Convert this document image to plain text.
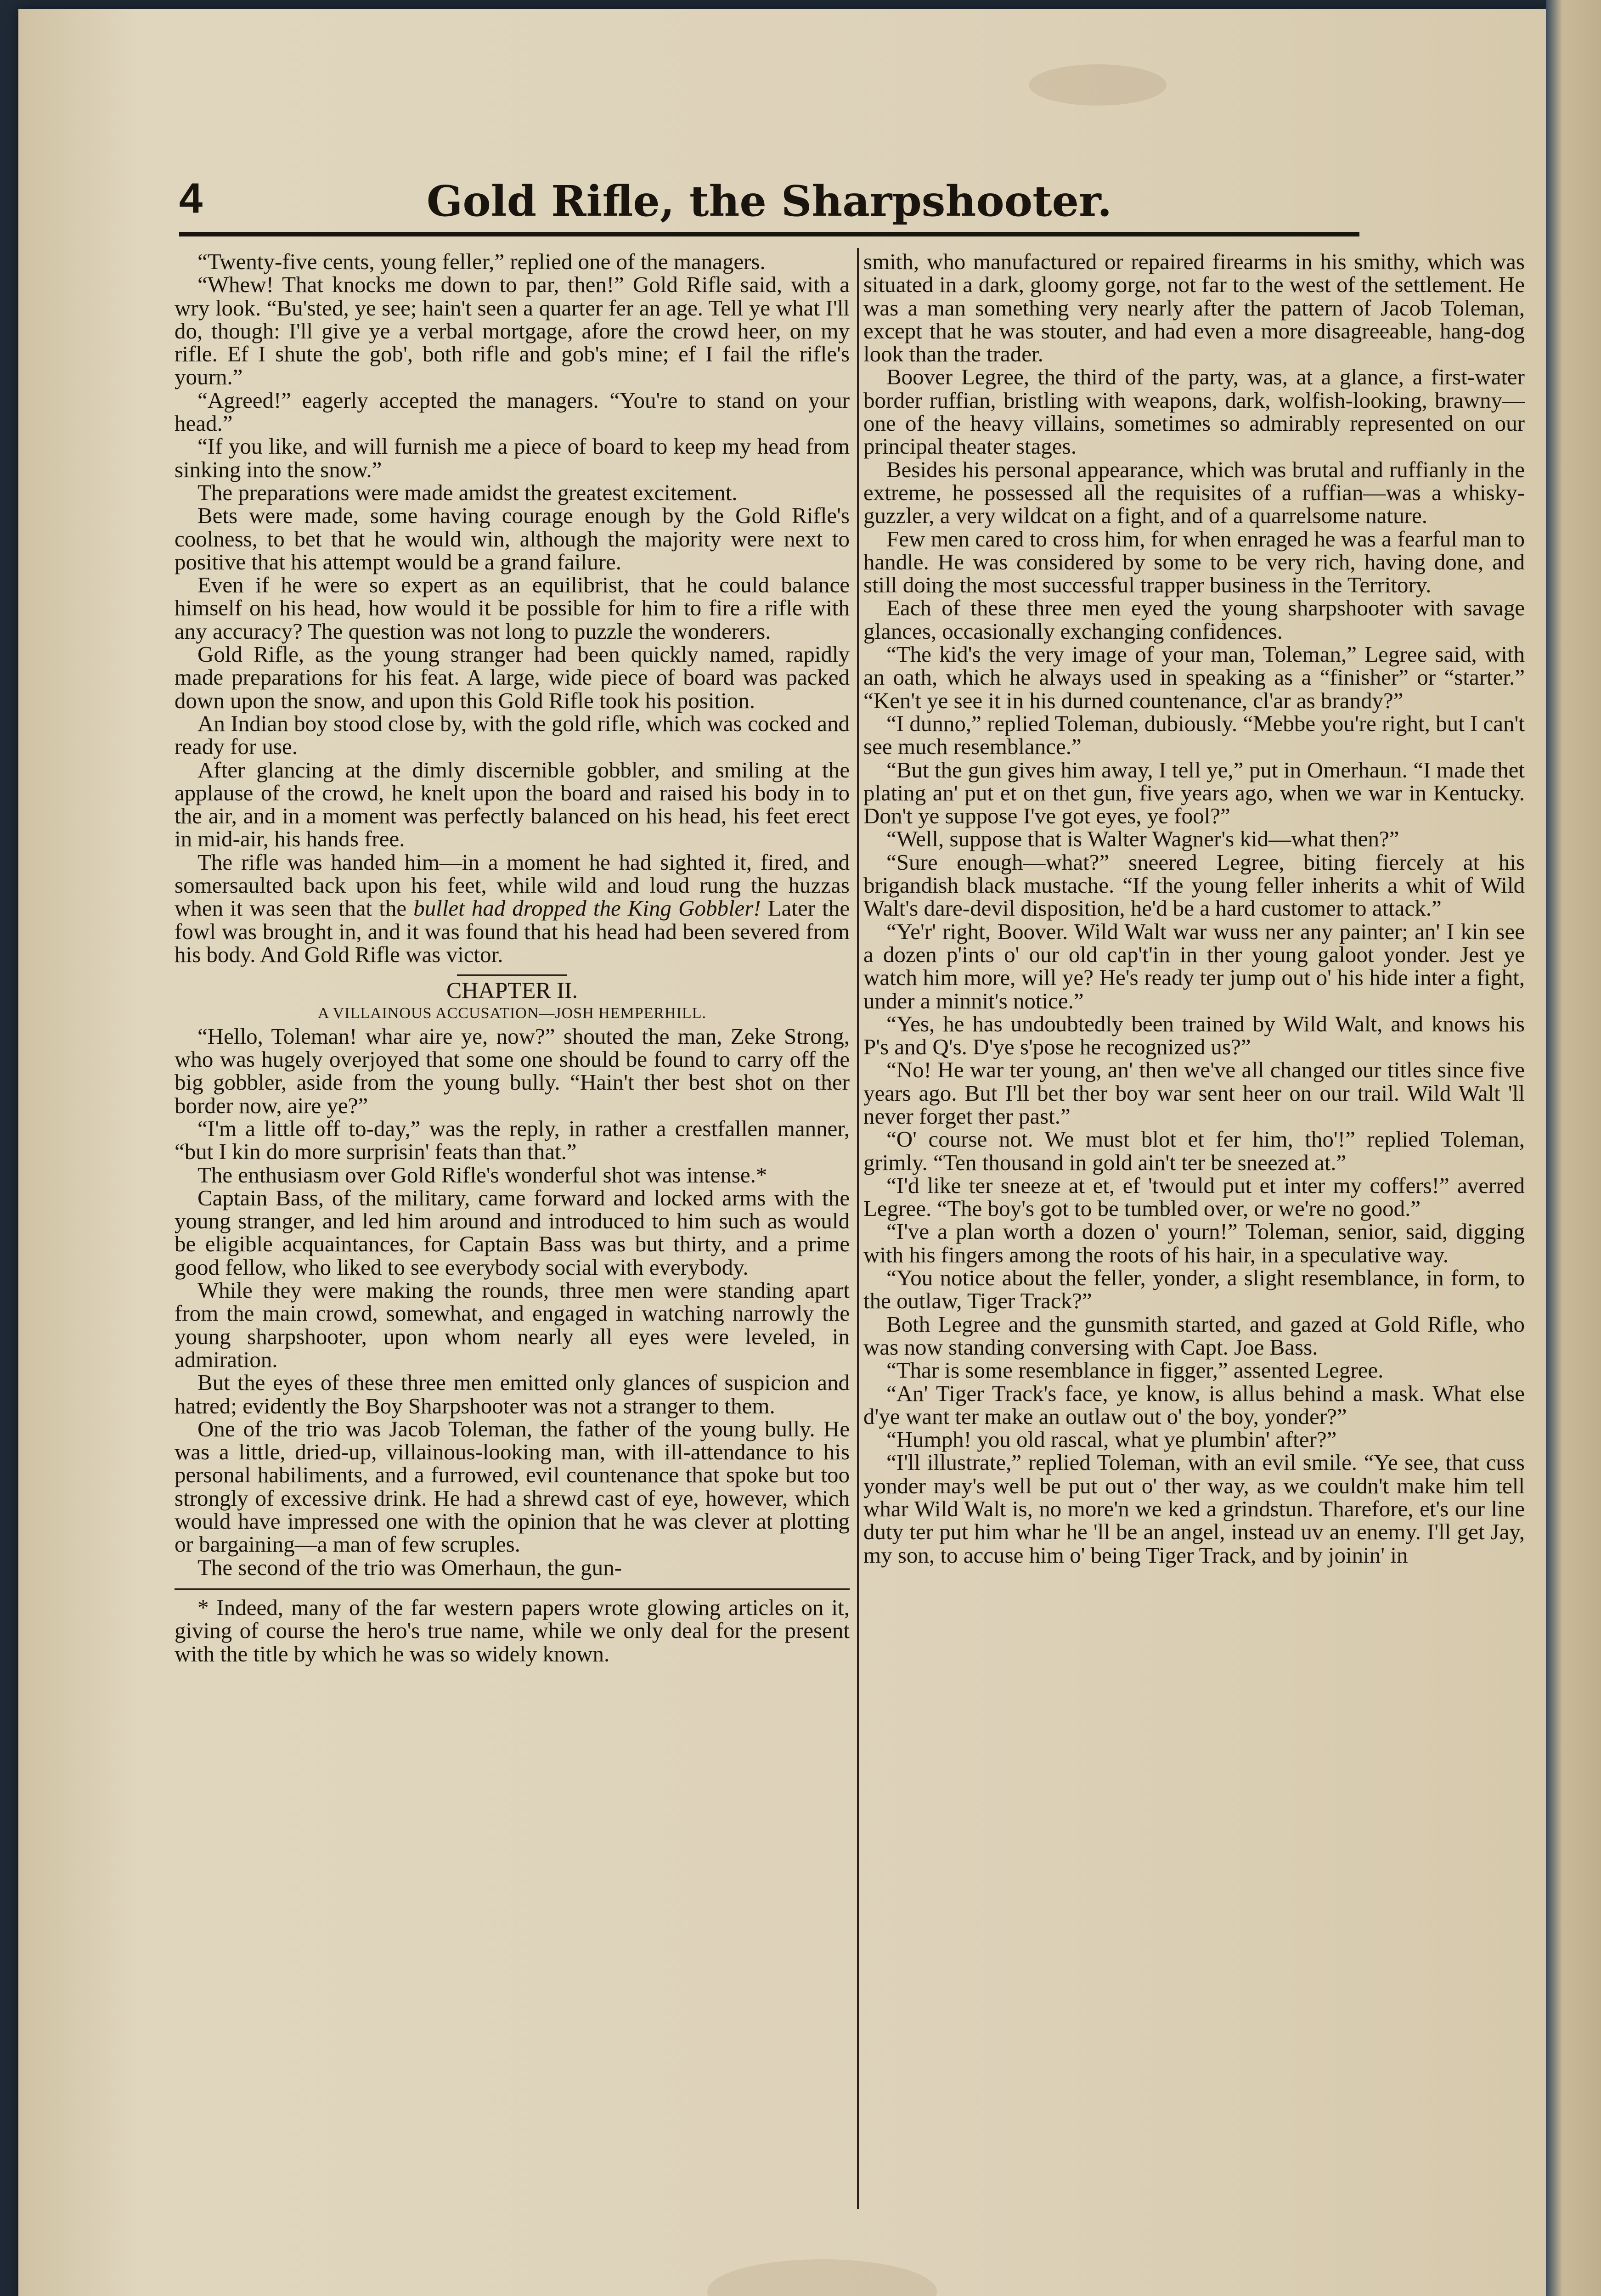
4	Gold Rifle, the Sharpshooter.

“Twenty-five cents, young feller,” replied one of the managers.

“Whew! That knocks me down to par, then!” Gold Rifle said, with a wry look. “Bu'sted, ye see; hain't seen a quarter fer an age. Tell ye what I'll do, though: I'll give ye a verbal mortgage, afore the crowd heer, on my rifle. Ef I shute the gob', both rifle and gob's mine; ef I fail the rifle's yourn.”

“Agreed!” eagerly accepted the managers. “You're to stand on your head.”

“If you like, and will furnish me a piece of board to keep my head from sinking into the snow.”

The preparations were made amidst the greatest excitement.

Bets were made, some having courage enough by the Gold Rifle's coolness, to bet that he would win, although the majority were next to positive that his attempt would be a grand failure.

Even if he were so expert as an equilibrist, that he could balance himself on his head, how would it be possible for him to fire a rifle with any accuracy? The question was not long to puzzle the wonderers.

Gold Rifle, as the young stranger had been quickly named, rapidly made preparations for his feat. A large, wide piece of board was packed down upon the snow, and upon this Gold Rifle took his position.

An Indian boy stood close by, with the gold rifle, which was cocked and ready for use.

After glancing at the dimly discernible gobbler, and smiling at the applause of the crowd, he knelt upon the board and raised his body in to the air, and in a moment was perfectly balanced on his head, his feet erect in mid-air, his hands free.

The rifle was handed him—in a moment he had sighted it, fired, and somersaulted back upon his feet, while wild and loud rung the huzzas when it was seen that the bullet had dropped the King Gobbler! Later the fowl was brought in, and it was found that his head had been severed from his body. And Gold Rifle was victor.

CHAPTER II.

A VILLAINOUS ACCUSATION—JOSH HEMPERHILL.

“Hello, Toleman! whar aire ye, now?” shouted the man, Zeke Strong, who was hugely overjoyed that some one should be found to carry off the big gobbler, aside from the young bully. “Hain't ther best shot on ther border now, aire ye?”

“I'm a little off to-day,” was the reply, in rather a crestfallen manner, “but I kin do more surprisin' feats than that.”

The enthusiasm over Gold Rifle's wonderful shot was intense.*

Captain Bass, of the military, came forward and locked arms with the young stranger, and led him around and introduced to him such as would be eligible acquaintances, for Captain Bass was but thirty, and a prime good fellow, who liked to see everybody social with everybody.

While they were making the rounds, three men were standing apart from the main crowd, somewhat, and engaged in watching narrowly the young sharpshooter, upon whom nearly all eyes were leveled, in admiration.

But the eyes of these three men emitted only glances of suspicion and hatred; evidently the Boy Sharpshooter was not a stranger to them.

One of the trio was Jacob Toleman, the father of the young bully. He was a little, dried-up, villainous-looking man, with ill-attendance to his personal habiliments, and a furrowed, evil countenance that spoke but too strongly of excessive drink. He had a shrewd cast of eye, however, which would have impressed one with the opinion that he was clever at plotting or bargaining—a man of few scruples.

The second of the trio was Omerhaun, the gun-

* Indeed, many of the far western papers wrote glowing articles on it, giving of course the hero's true name, while we only deal for the present with the title by which he was so widely known.

smith, who manufactured or repaired firearms in his smithy, which was situated in a dark, gloomy gorge, not far to the west of the settlement. He was a man something very nearly after the pattern of Jacob Toleman, except that he was stouter, and had even a more disagreeable, hang-dog look than the trader.

Boover Legree, the third of the party, was, at a glance, a first-water border ruffian, bristling with weapons, dark, wolfish-looking, brawny—one of the heavy villains, sometimes so admirably represented on our principal theater stages.

Besides his personal appearance, which was brutal and ruffianly in the extreme, he possessed all the requisites of a ruffian—was a whisky-guzzler, a very wildcat on a fight, and of a quarrelsome nature.

Few men cared to cross him, for when enraged he was a fearful man to handle. He was considered by some to be very rich, having done, and still doing the most successful trapper business in the Territory.

Each of these three men eyed the young sharpshooter with savage glances, occasionally exchanging confidences.

“The kid's the very image of your man, Toleman,” Legree said, with an oath, which he always used in speaking as a “finisher” or “starter.” “Ken't ye see it in his durned countenance, cl'ar as brandy?”

“I dunno,” replied Toleman, dubiously. “Mebbe you're right, but I can't see much resemblance.”

“But the gun gives him away, I tell ye,” put in Omerhaun. “I made thet plating an' put et on thet gun, five years ago, when we war in Kentucky. Don't ye suppose I've got eyes, ye fool?”

“Well, suppose that is Walter Wagner's kid—what then?”

“Sure enough—what?” sneered Legree, biting fiercely at his brigandish black mustache. “If the young feller inherits a whit of Wild Walt's dare-devil disposition, he'd be a hard customer to attack.”

“Ye'r' right, Boover. Wild Walt war wuss ner any painter; an' I kin see a dozen p'ints o' our old cap't'in in ther young galoot yonder. Jest ye watch him more, will ye? He's ready ter jump out o' his hide inter a fight, under a minnit's notice.”

“Yes, he has undoubtedly been trained by Wild Walt, and knows his P's and Q's. D'ye s'pose he recognized us?”

“No! He war ter young, an' then we've all changed our titles since five years ago. But I'll bet ther boy war sent heer on our trail. Wild Walt 'll never forget ther past.”

“O' course not. We must blot et fer him, tho'!” replied Toleman, grimly. “Ten thousand in gold ain't ter be sneezed at.”

“I'd like ter sneeze at et, ef 'twould put et inter my coffers!” averred Legree. “The boy's got to be tumbled over, or we're no good.”

“I've a plan worth a dozen o' yourn!” Toleman, senior, said, digging with his fingers among the roots of his hair, in a speculative way.

“You notice about the feller, yonder, a slight resemblance, in form, to the outlaw, Tiger Track?”

Both Legree and the gunsmith started, and gazed at Gold Rifle, who was now standing conversing with Capt. Joe Bass.

“Thar is some resemblance in figger,” assented Legree.

“An' Tiger Track's face, ye know, is allus behind a mask. What else d'ye want ter make an outlaw out o' the boy, yonder?”

“Humph! you old rascal, what ye plumbin' after?”

“I'll illustrate,” replied Toleman, with an evil smile. “Ye see, that cuss yonder may's well be put out o' ther way, as we couldn't make him tell whar Wild Walt is, no more'n we ked a grindstun. Tharefore, et's our line duty ter put him whar he 'll be an angel, instead uv an enemy. I'll get Jay, my son, to accuse him o' being Tiger Track, and by joinin' in
